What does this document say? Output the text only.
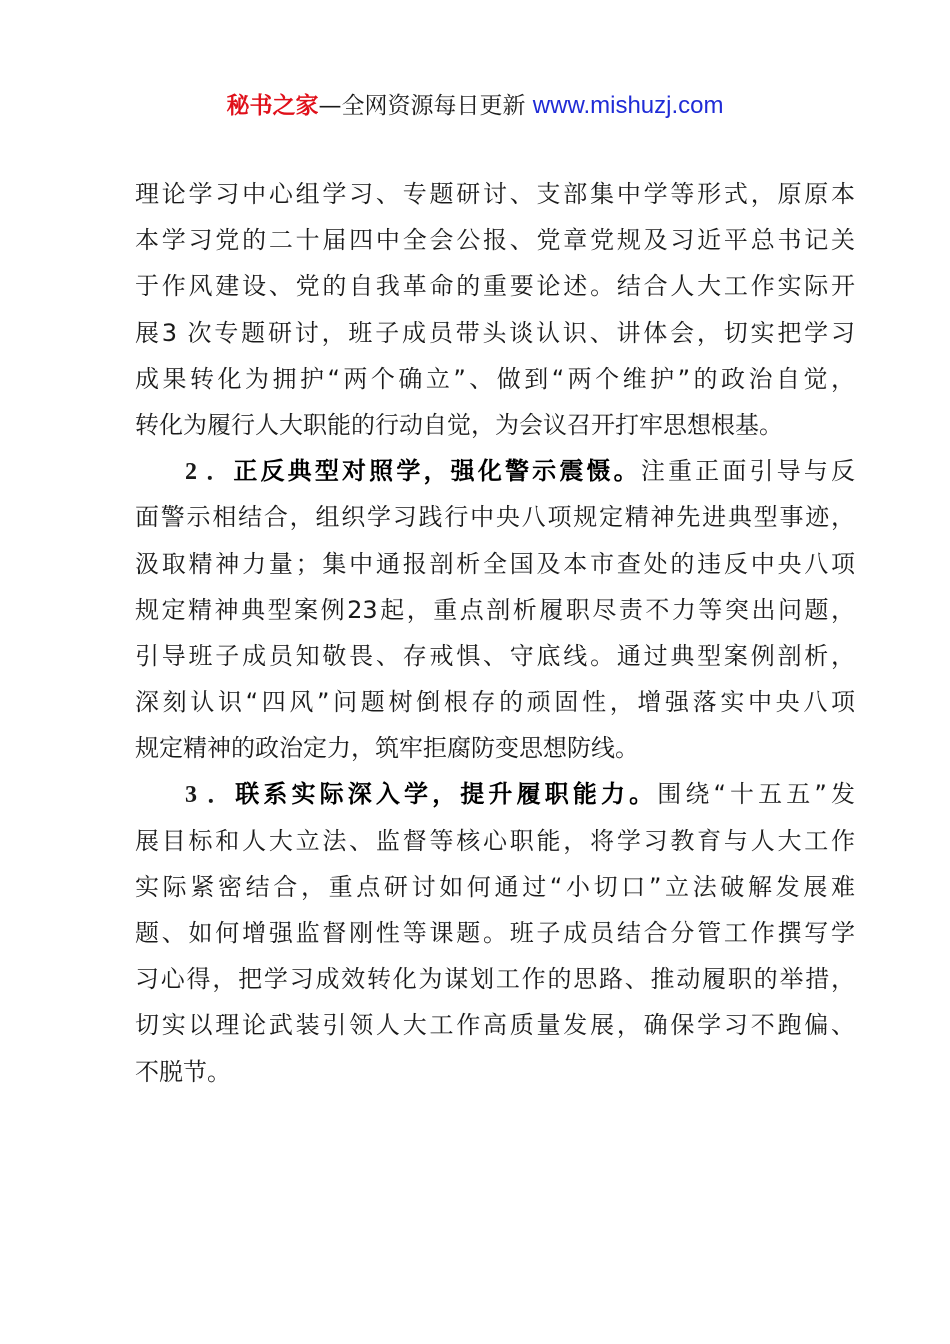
秘书之家—全网资源每日更新 www.mishuzj.com
理论学习中心组学习、专题研讨、支部集中学等形式，原原本
本学习党的二十届四中全会公报、党章党规及习近平总书记关
于作风建设、党的自我革命的重要论述。结合人大工作实际开
展3 次专题研讨，班子成员带头谈认识、讲体会，切实把学习
成果转化为拥护“两个确立”、做到“两个维护”的政治自觉，
转化为履行人大职能的行动自觉，为会议召开打牢思想根基。
2 ．正反典型对照学，强化警示震慑。注重正面引导与反
面警示相结合，组织学习践行中央八项规定精神先进典型事迹，
汲取精神力量；集中通报剖析全国及本市查处的违反中央八项
规定精神典型案例23起，重点剖析履职尽责不力等突出问题，
引导班子成员知敬畏、存戒惧、守底线。通过典型案例剖析，
深刻认识“四风”问题树倒根存的顽固性，增强落实中央八项
规定精神的政治定力，筑牢拒腐防变思想防线。
3 ．联系实际深入学，提升履职能力。围绕“十五五”发
展目标和人大立法、监督等核心职能，将学习教育与人大工作
实际紧密结合，重点研讨如何通过“小切口”立法破解发展难
题、如何增强监督刚性等课题。班子成员结合分管工作撰写学
习心得，把学习成效转化为谋划工作的思路、推动履职的举措，
切实以理论武装引领人大工作高质量发展，确保学习不跑偏、
不脱节。
